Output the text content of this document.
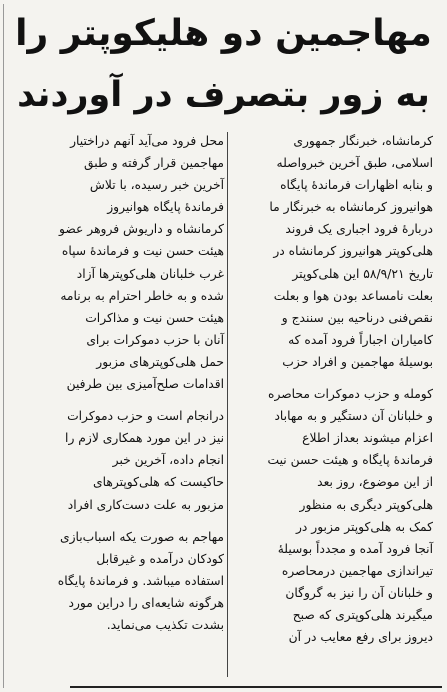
مهاجمین دو هلیکوپتر را
به زور بتصرف در آوردند

کرمانشاه، خبرنگار جمهوری
اسلامی، طبق آخرین خبرواصله
و بنابه اظهارات فرماندۀ پایگاه
هوانیروز کرمانشاه به خبرنگار ما
دربارۀ فرود اجباری یک فروند
هلی‌کوپتر هوانیروز کرمانشاه در
تاریخ ۵۸/۹/۲۱ این هلی‌کوپتر
بعلت نامساعد بودن هوا و بعلت
نقص‌فنی درناحیه بین سنندج و
کامیاران اجباراً فرود آمده که
بوسیلۀ مهاجمین و افراد حزب

کومله و حزب دموکرات محاصره
و خلبانان آن دستگیر و به مهاباد
اعزام میشوند بعداز اطلاع
فرماندۀ پایگاه و هیئت حسن نیت
از این موضوع، روز بعد
هلی‌کوپتر دیگری به منظور
کمک به هلی‌کوپتر مزبور در
آنجا فرود آمده و مجدداً بوسیلۀ
تیراندازی مهاجمین درمحاصره
و خلبانان آن را نیز به گروگان
میگیرند هلی‌کوپتری که صبح
دیروز برای رفع معایب در آن

محل فرود می‌آید آنهم دراختیار
مهاجمین قرار گرفته و طبق
آخرین خبر رسیده، با تلاش
فرماندۀ پایگاه هوانیروز
کرمانشاه و داریوش فروهر عضو
هیئت حسن نیت و فرماندۀ سپاه
غرب خلبانان هلی‌کوپترها آزاد
شده و به خاطر احترام به برنامه
هیئت حسن نیت و مذاکرات
آنان با حزب دموکرات برای
حمل هلی‌کوپترهای مزبور
اقدامات صلح‌آمیزی بین طرفین

درانجام است و حزب دموکرات
نیز در این مورد همکاری لازم را
انجام داده، آخرین خبر
حاکیست که هلی‌کوپترهای
مزبور به علت دست‌کاری افراد

مهاجم به صورت یکه اسباب‌بازی
کودکان درآمده و غیرقابل
استفاده میباشد. و فرماندۀ پایگاه
هرگونه شایعه‌ای را دراین مورد
بشدت تکذیب می‌نماید.
